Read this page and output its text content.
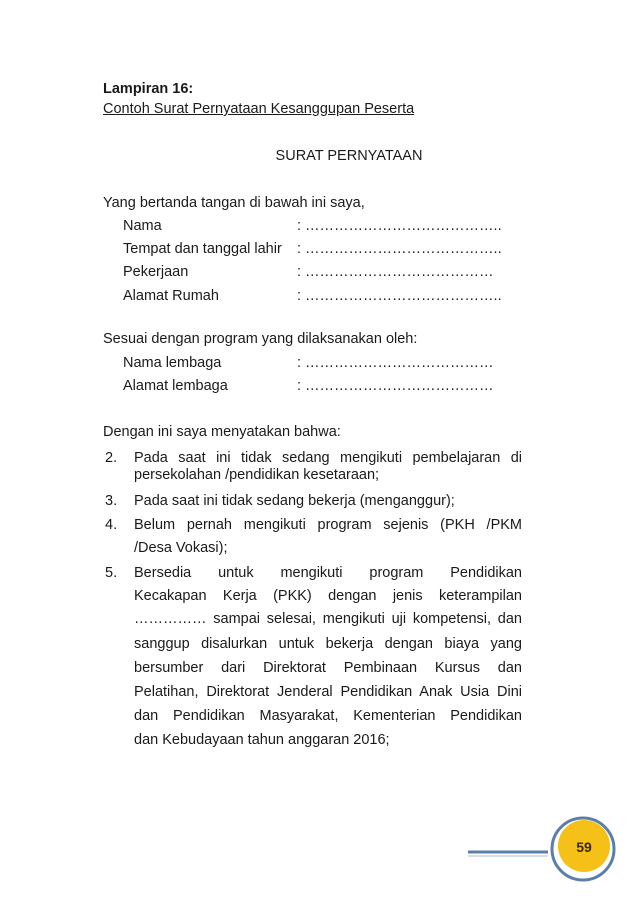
Lampiran 16:
Contoh Surat Pernyataan Kesanggupan Peserta
SURAT PERNYATAAN
Yang bertanda tangan di bawah ini saya,
Nama	: …………………………………..
Tempat dan tanggal lahir : …………………………………..
Pekerjaan	: …………………………………
Alamat Rumah	: …………………………………..
Sesuai dengan program yang dilaksanakan oleh:
Nama lembaga	: …………………………………
Alamat lembaga	: …………………………………
Dengan ini saya menyatakan bahwa:
2. Pada saat ini tidak sedang mengikuti pembelajaran di
persekolahan /pendidikan kesetaraan;
3. Pada saat ini tidak sedang bekerja (menganggur);
4. Belum pernah mengikuti program sejenis (PKH /PKM
/Desa Vokasi);
5. Bersedia untuk mengikuti program Pendidikan
Kecakapan Kerja (PKK) dengan jenis keterampilan
…………… sampai selesai, mengikuti uji kompetensi, dan
sanggup disalurkan untuk bekerja dengan biaya yang
bersumber dari Direktorat Pembinaan Kursus dan
Pelatihan, Direktorat Jenderal Pendidikan Anak Usia Dini
dan Pendidikan Masyarakat, Kementerian Pendidikan
dan Kebudayaan tahun anggaran 2016;
59
